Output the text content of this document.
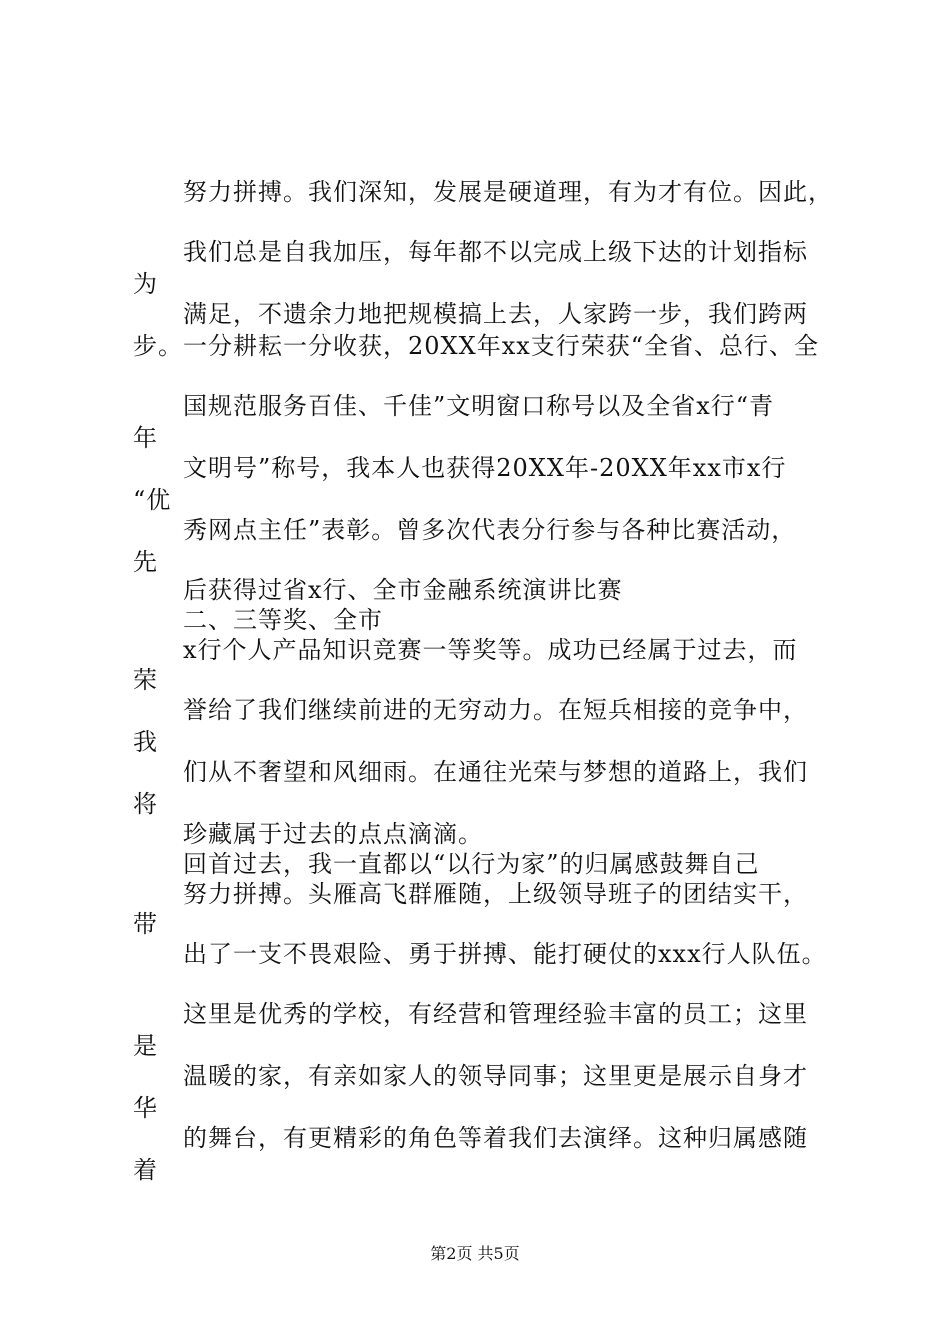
努力拼搏。我们深知，发展是硬道理，有为才有位。因此，
我们总是自我加压，每年都不以完成上级下达的计划指标
为
满足，不遗余力地把规模搞上去，人家跨一步，我们跨两
步。一分耕耘一分收获，20XX年xx支行荣获“全省、总行、全
国规范服务百佳、千佳”文明窗口称号以及全省x行“青
年
文明号”称号，我本人也获得20XX年-20XX年xx市x行
“优
秀网点主任”表彰。曾多次代表分行参与各种比赛活动，
先
后获得过省x行、全市金融系统演讲比赛
二、三等奖、全市
x行个人产品知识竞赛一等奖等。成功已经属于过去，而
荣
誉给了我们继续前进的无穷动力。在短兵相接的竞争中，
我
们从不奢望和风细雨。在通往光荣与梦想的道路上，我们
将
珍藏属于过去的点点滴滴。
回首过去，我一直都以“以行为家”的归属感鼓舞自己
努力拼搏。头雁高飞群雁随，上级领导班子的团结实干，
带
出了一支不畏艰险、勇于拼搏、能打硬仗的xxx行人队伍。
这里是优秀的学校，有经营和管理经验丰富的员工；这里
是
温暖的家，有亲如家人的领导同事；这里更是展示自身才
华
的舞台，有更精彩的角色等着我们去演绎。这种归属感随
着
第2页 共5页
